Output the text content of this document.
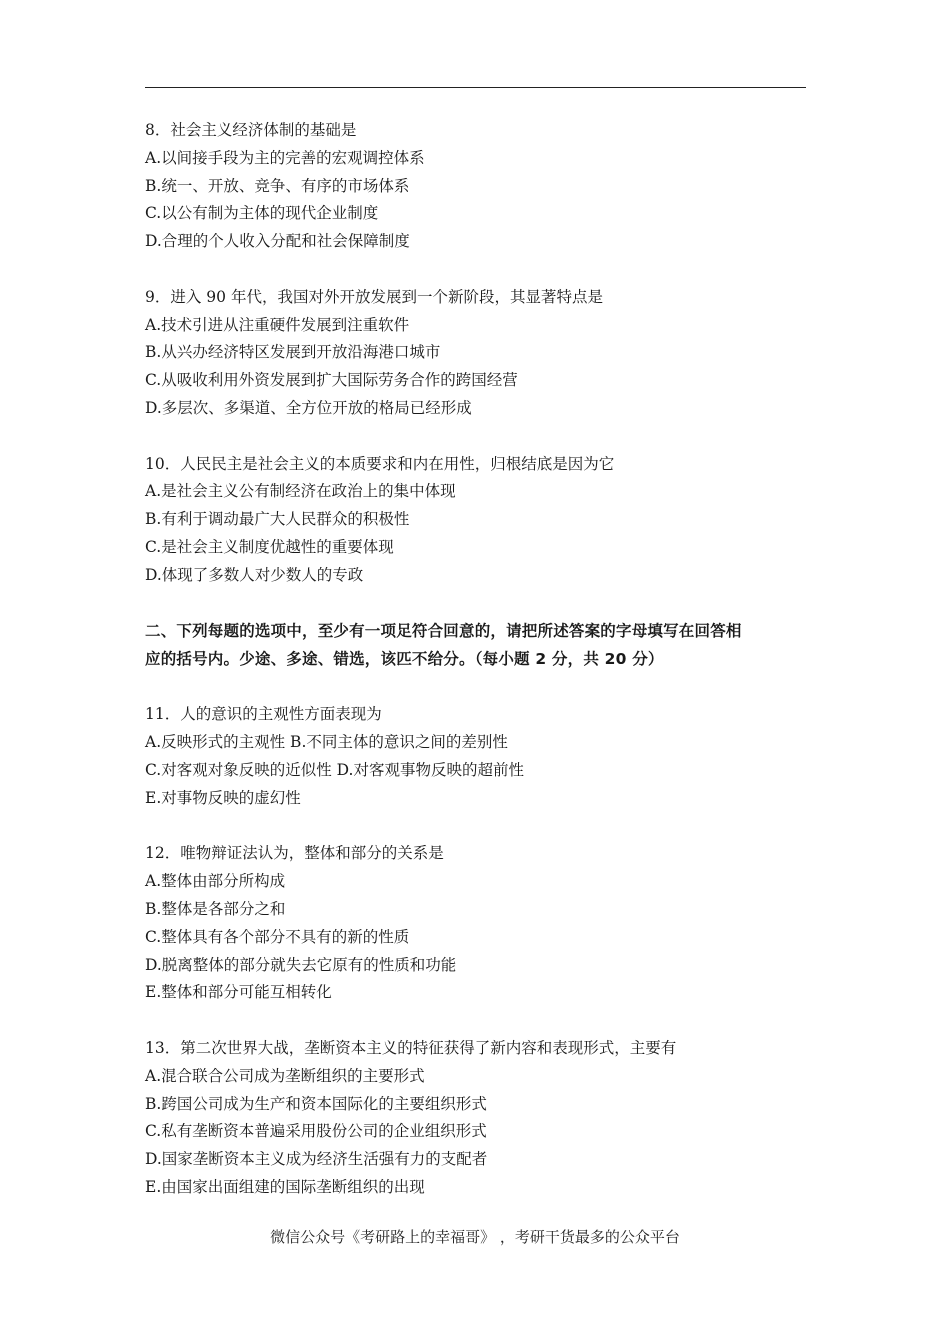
8．社会主义经济体制的基础是
A.以间接手段为主的完善的宏观调控体系
B.统一、开放、竞争、有序的市场体系
C.以公有制为主体的现代企业制度
D.合理的个人收入分配和社会保障制度
9．进入 90 年代，我国对外开放发展到一个新阶段，其显著特点是
A.技术引进从注重硬件发展到注重软件
B.从兴办经济特区发展到开放沿海港口城市
C.从吸收利用外资发展到扩大国际劳务合作的跨国经营
D.多层次、多渠道、全方位开放的格局已经形成
10．人民民主是社会主义的本质要求和内在用性，归根结底是因为它
A.是社会主义公有制经济在政治上的集中体现
B.有利于调动最广大人民群众的积极性
C.是社会主义制度优越性的重要体现
D.体现了多数人对少数人的专政
二、下列每题的选项中，至少有一项足符合回意的，请把所述答案的字母填写在回答相
应的括号内。少途、多途、错选，该匹不给分。（每小题 2 分，共 20 分）
11．人的意识的主观性方面表现为
A.反映形式的主观性 B.不同主体的意识之间的差别性
C.对客观对象反映的近似性 D.对客观事物反映的超前性
E.对事物反映的虚幻性
12．唯物辩证法认为，整体和部分的关系是
A.整体由部分所构成
B.整体是各部分之和
C.整体具有各个部分不具有的新的性质
D.脱离整体的部分就失去它原有的性质和功能
E.整体和部分可能互相转化
13．第二次世界大战，垄断资本主义的特征获得了新内容和表现形式，主要有
A.混合联合公司成为垄断组织的主要形式
B.跨国公司成为生产和资本国际化的主要组织形式
C.私有垄断资本普遍采用股份公司的企业组织形式
D.国家垄断资本主义成为经济生活强有力的支配者
E.由国家出面组建的国际垄断组织的出现
微信公众号《考研路上的幸福哥》 ，考研干货最多的公众平台
